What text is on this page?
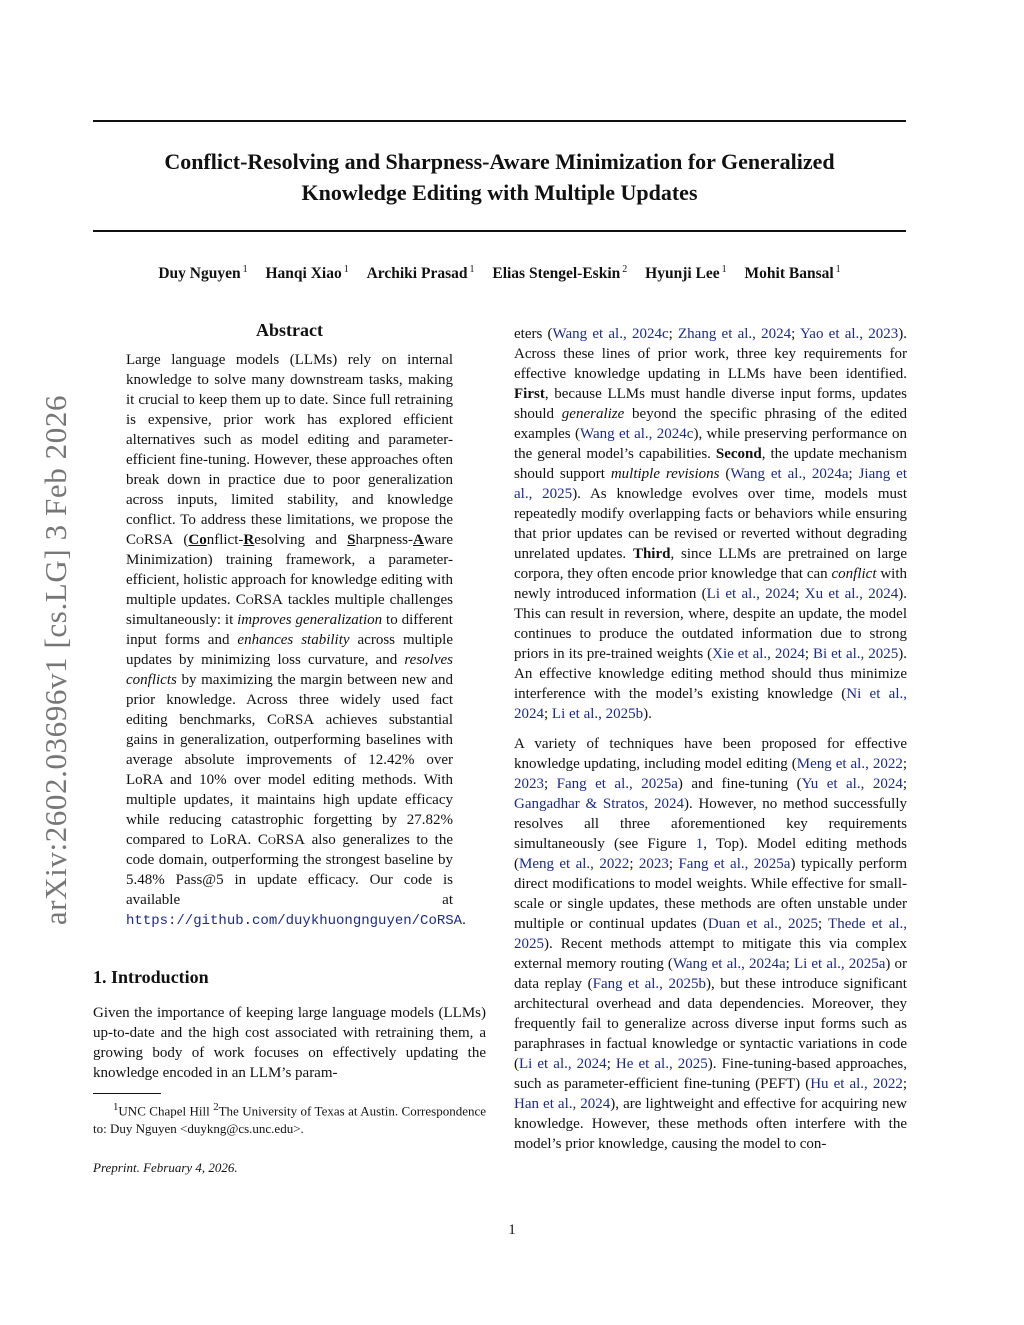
arXiv:2602.03696v1 [cs.LG] 3 Feb 2026
Conflict-Resolving and Sharpness-Aware Minimization for Generalized
Knowledge Editing with Multiple Updates
Duy Nguyen $^1$ Hanqi Xiao $^1$ Archiki Prasad $^1$ Elias Stengel-Eskin $^2$ Hyunji Lee $^1$ Mohit Bansal $^1$
Abstract
Large language models (LLMs) rely on internal knowledge to solve many downstream tasks, making it crucial to keep them up to date. Since full retraining is expensive, prior work has explored efficient alternatives such as model editing and parameter-efficient fine-tuning. However, these approaches often break down in practice due to poor generalization across inputs, limited stability, and knowledge conflict. To address these limitations, we propose the CoRSA (Conflict-Resolving and Sharpness-Aware Minimization) training framework, a parameter-efficient, holistic approach for knowledge editing with multiple updates. CoRSA tackles multiple challenges simultaneously: it improves generalization to different input forms and enhances stability across multiple updates by minimizing loss curvature, and resolves conflicts by maximizing the margin between new and prior knowledge. Across three widely used fact editing benchmarks, CoRSA achieves substantial gains in generalization, outperforming baselines with average absolute improvements of 12.42% over LoRA and 10% over model editing methods. With multiple updates, it maintains high update efficacy while reducing catastrophic forgetting by 27.82% compared to LoRA. CoRSA also generalizes to the code domain, outperforming the strongest baseline by 5.48% Pass@5 in update efficacy. Our code is available at https://github.com/duykhuongnguyen/CoRSA.
1. Introduction

Given the importance of keeping large language models (LLMs) up-to-date and the high cost associated with retraining them, a growing body of work focuses on effectively updating the knowledge encoded in an LLM’s param-

$^1$UNC Chapel Hill $^2$The University of Texas at Austin. Correspondence to: Duy Nguyen <duykng@cs.unc.edu>.
Preprint. February 4, 2026.

eters (Wang et al., 2024c; Zhang et al., 2024; Yao et al., 2023). Across these lines of prior work, three key requirements for effective knowledge updating in LLMs have been identified. First, because LLMs must handle diverse input forms, updates should generalize beyond the specific phrasing of the edited examples (Wang et al., 2024c), while preserving performance on the general model’s capabilities. Second, the update mechanism should support multiple revisions (Wang et al., 2024a; Jiang et al., 2025). As knowledge evolves over time, models must repeatedly modify overlapping facts or behaviors while ensuring that prior updates can be revised or reverted without degrading unrelated updates. Third, since LLMs are pretrained on large corpora, they often encode prior knowledge that can conflict with newly introduced information (Li et al., 2024; Xu et al., 2024). This can result in reversion, where, despite an update, the model continues to produce the outdated information due to strong priors in its pre-trained weights (Xie et al., 2024; Bi et al., 2025). An effective knowledge editing method should thus minimize interference with the model’s existing knowledge (Ni et al., 2024; Li et al., 2025b).

A variety of techniques have been proposed for effective knowledge updating, including model editing (Meng et al., 2022; 2023; Fang et al., 2025a) and fine-tuning (Yu et al., 2024; Gangadhar & Stratos, 2024). However, no method successfully resolves all three aforementioned key requirements simultaneously (see Figure 1, Top). Model editing methods (Meng et al., 2022; 2023; Fang et al., 2025a) typically perform direct modifications to model weights. While effective for small-scale or single updates, these methods are often unstable under multiple or continual updates (Duan et al., 2025; Thede et al., 2025). Recent methods attempt to mitigate this via complex external memory routing (Wang et al., 2024a; Li et al., 2025a) or data replay (Fang et al., 2025b), but these introduce significant architectural overhead and data dependencies. Moreover, they frequently fail to generalize across diverse input forms such as paraphrases in factual knowledge or syntactic variations in code (Li et al., 2024; He et al., 2025). Fine-tuning-based approaches, such as parameter-efficient fine-tuning (PEFT) (Hu et al., 2022; Han et al., 2024), are lightweight and effective for acquiring new knowledge. However, these methods often interfere with the model’s prior knowledge, causing the model to con-

1
